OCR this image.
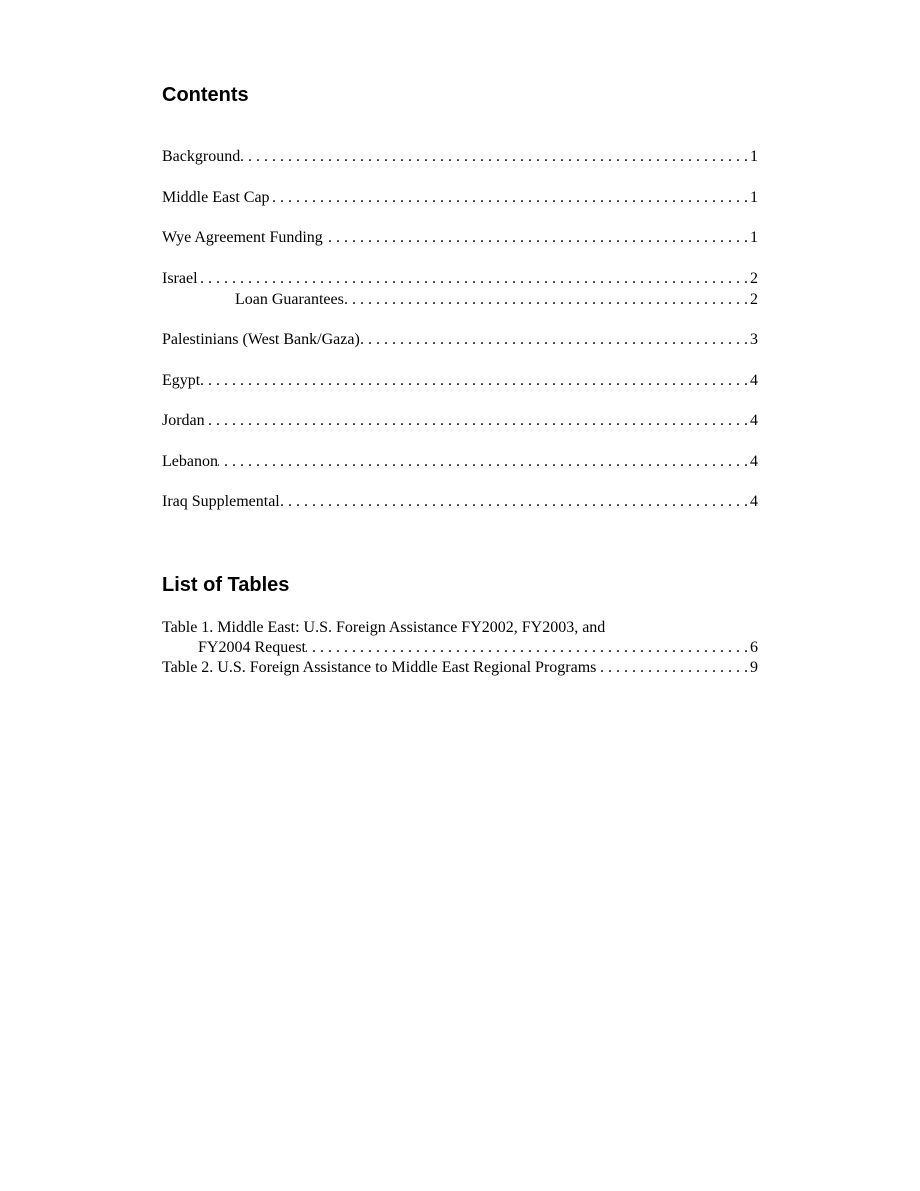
Contents
Background . . .	1
Middle East Cap . . .	1
Wye Agreement Funding . . .	1
Israel . . .	2
Loan Guarantees . . .	2
Palestinians (West Bank/Gaza) . . .	3
Egypt . . .	4
Jordan . . .	4
Lebanon . . .	4
Iraq Supplemental . . .	4
List of Tables
Table 1. Middle East: U.S. Foreign Assistance FY2002, FY2003, and
FY2004 Request . . .	6
Table 2. U.S. Foreign Assistance to Middle East Regional Programs . . .	9
